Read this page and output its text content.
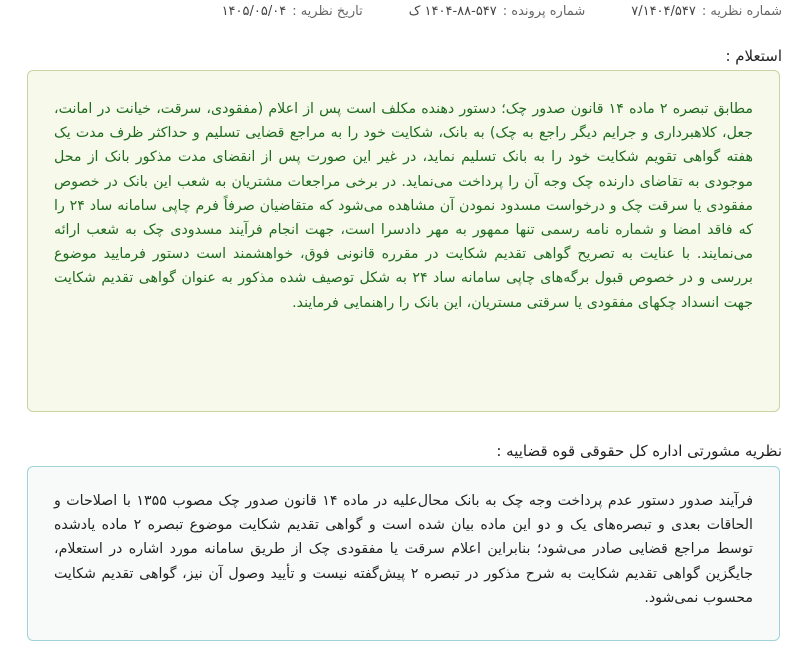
شماره نظریه :
۷/۱۴۰۴/۵۴۷
شماره پرونده :
۱۴۰۴-۸۸-۵۴۷ ک
تاریخ نظریه :
۱۴۰۵/۰۵/۰۴
استعلام :

مطابق تبصره ۲ ماده ۱۴ قانون صدور چک؛ دستور دهنده مکلف است پس از اعلام (مفقودی، سرقت، خیانت در امانت، جعل، کلاهبرداری و جرایم دیگر راجع به چک) به بانک، شکایت خود را به مراجع قضایی تسلیم و حداکثر ظرف مدت یک هفته گواهی تقویم شکایت خود را به بانک تسلیم نماید، در غیر این صورت پس از انقضای مدت مذکور بانک از محل موجودی به تقاضای دارنده چک وجه آن را پرداخت می‌نماید. در برخی مراجعات مشتریان به شعب این بانک در خصوص مفقودی یا سرقت چک و درخواست مسدود نمودن آن مشاهده می‌شود که متقاضیان صرفاً فرم چاپی سامانه ساد ۲۴ را که فاقد امضا و شماره نامه رسمی تنها ممهور به مهر دادسرا است، جهت انجام فرآیند مسدودی چک به شعب ارائه می‌نمایند. با عنایت به تصریح گواهی تقدیم شکایت در مقرره قانونی فوق، خواهشمند است دستور فرمایید موضوع بررسی و در خصوص قبول برگه‌های چاپی سامانه ساد ۲۴ به شکل توصیف شده مذکور به عنوان گواهی تقدیم شکایت جهت انسداد چکهای مفقودی یا سرقتی مستریان، این بانک را راهنمایی فرمایند.

نظریه مشورتی اداره کل حقوقی قوه قضاییه :

فرآیند صدور دستور عدم پرداخت وجه چک به بانک محال‌علیه در ماده ۱۴ قانون صدور چک مصوب ۱۳۵۵ با اصلاحات و الحاقات بعدی و تبصره‌های یک و دو این ماده بیان شده است و گواهی تقدیم شکایت موضوع تبصره ۲ ماده یادشده توسط مراجع قضایی صادر می‌شود؛ بنابراین اعلام سرقت یا مفقودی چک از طریق سامانه مورد اشاره در استعلام، جایگزین گواهی تقدیم شکایت به شرح مذکور در تبصره ۲ پیش‌گفته نیست و تأیید وصول آن نیز، گواهی تقدیم شکایت محسوب نمی‌شود.
